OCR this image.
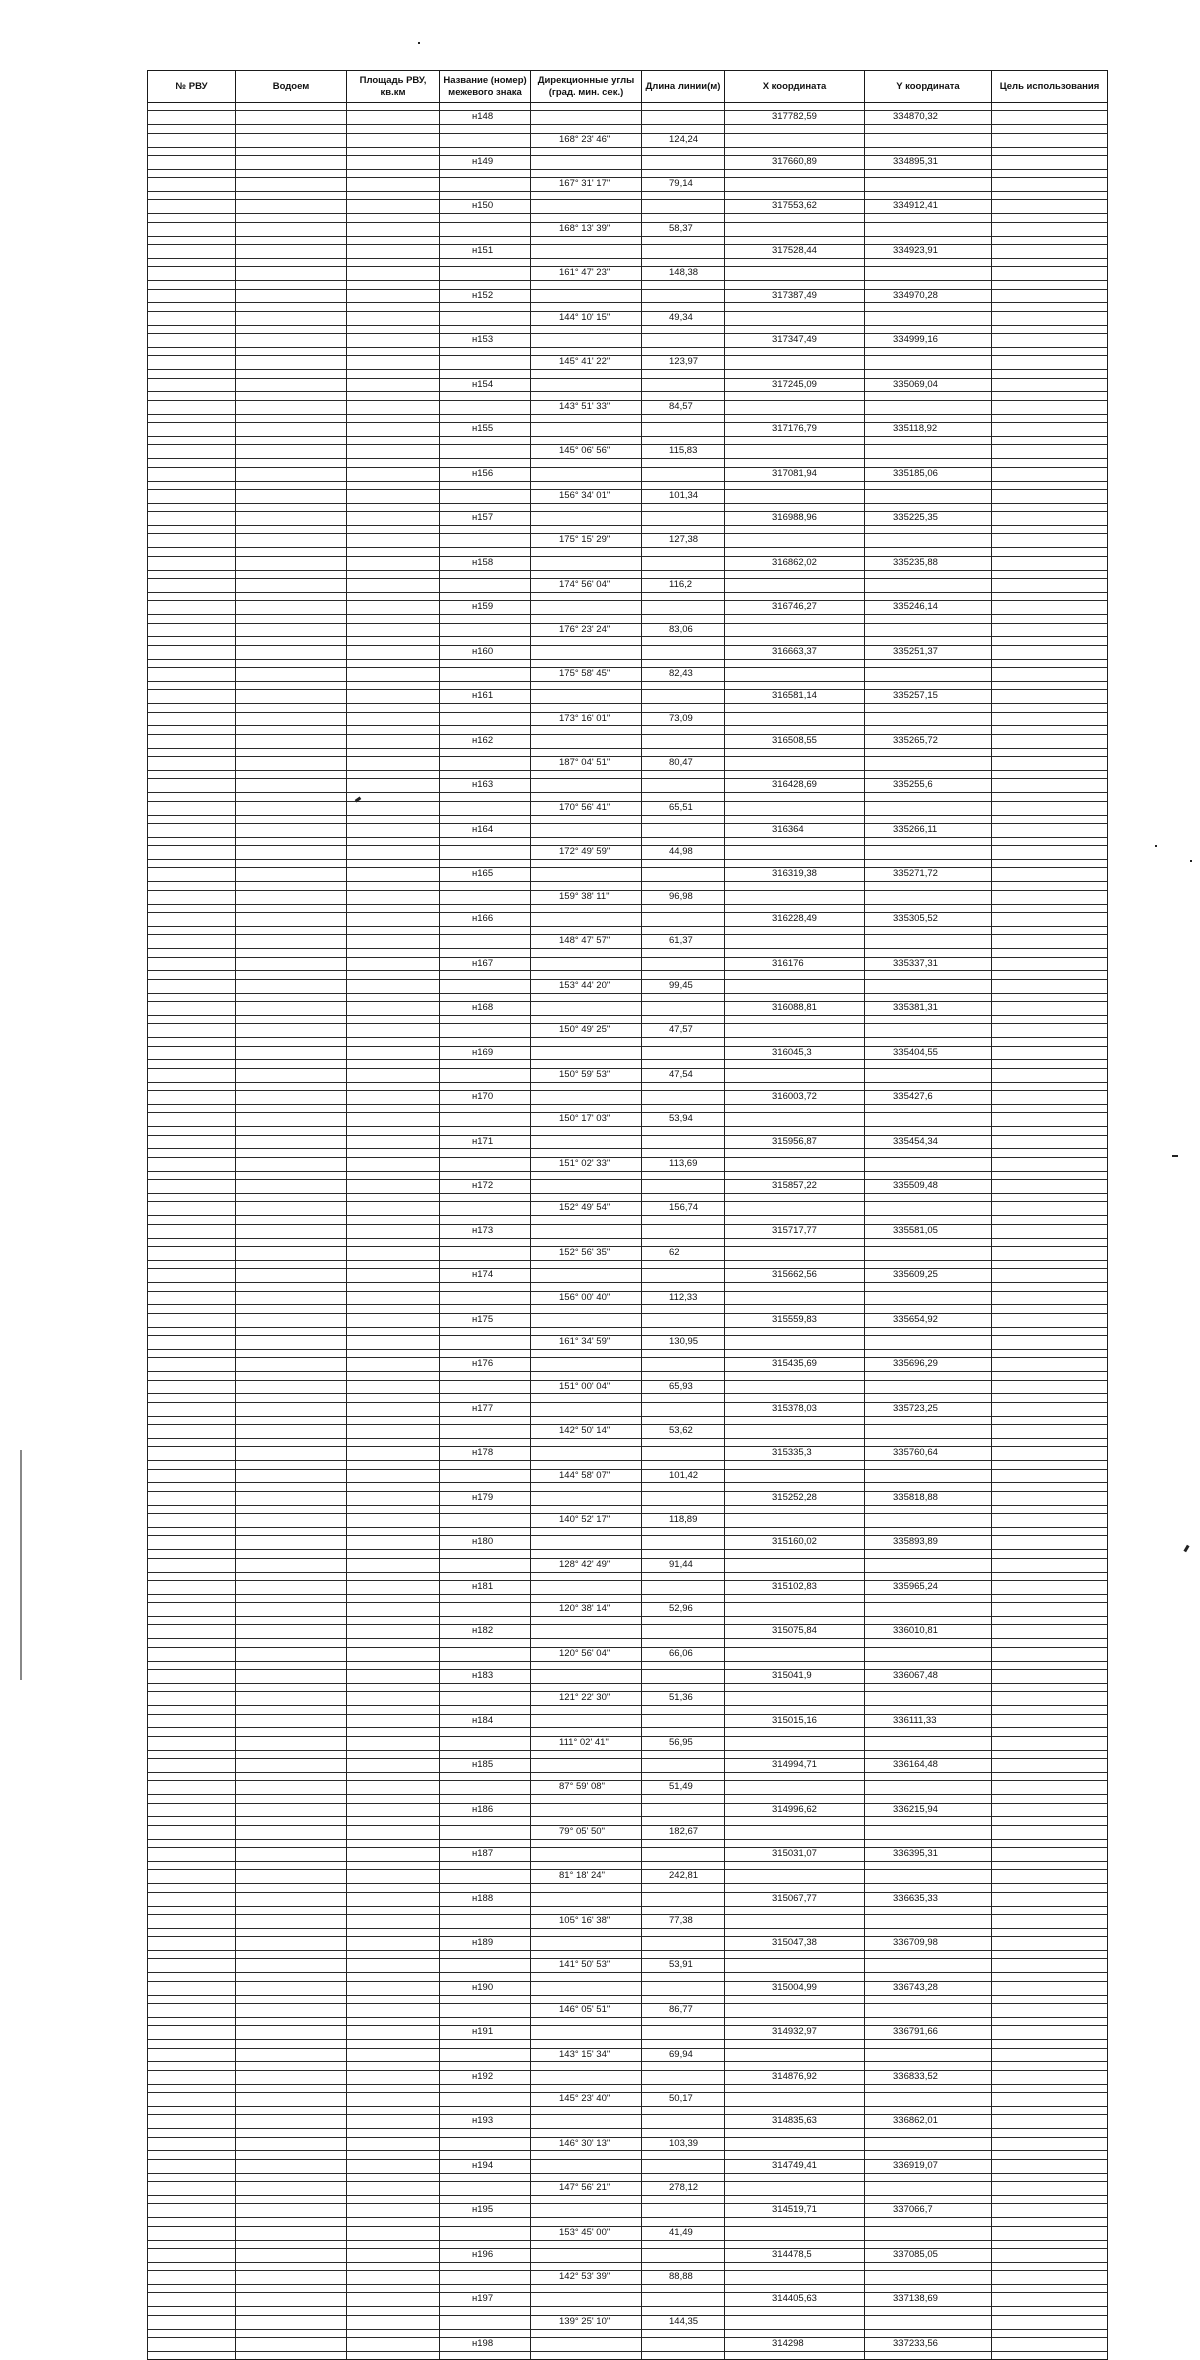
№ РВУ	Водоем	Площадь РВУ,
кв.км	Название (номер)
межевого знака	Дирекционные углы
(град. мин. сек.)	Длина линии(м)	X координата	Y координата	Цель использования

			н148			317782,59	334870,32	

				168° 23' 46"	124,24			

			н149			317660,89	334895,31	

				167° 31' 17"	79,14			

			н150			317553,62	334912,41	

				168° 13' 39"	58,37			

			н151			317528,44	334923,91	

				161° 47' 23"	148,38			

			н152			317387,49	334970,28	

				144° 10' 15"	49,34			

			н153			317347,49	334999,16	

				145° 41' 22"	123,97			

			н154			317245,09	335069,04	

				143° 51' 33"	84,57			

			н155			317176,79	335118,92	

				145° 06' 56"	115,83			

			н156			317081,94	335185,06	

				156° 34' 01"	101,34			

			н157			316988,96	335225,35	

				175° 15' 29"	127,38			

			н158			316862,02	335235,88	

				174° 56' 04"	116,2			

			н159			316746,27	335246,14	

				176° 23' 24"	83,06			

			н160			316663,37	335251,37	

				175° 58' 45"	82,43			

			н161			316581,14	335257,15	

				173° 16' 01"	73,09			

			н162			316508,55	335265,72	

				187° 04' 51"	80,47			

			н163			316428,69	335255,6	

				170° 56' 41"	65,51			

			н164			316364	335266,11	

				172° 49' 59"	44,98			

			н165			316319,38	335271,72	

				159° 38' 11"	96,98			

			н166			316228,49	335305,52	

				148° 47' 57"	61,37			

			н167			316176	335337,31	

				153° 44' 20"	99,45			

			н168			316088,81	335381,31	

				150° 49' 25"	47,57			

			н169			316045,3	335404,55	

				150° 59' 53"	47,54			

			н170			316003,72	335427,6	

				150° 17' 03"	53,94			

			н171			315956,87	335454,34	

				151° 02' 33"	113,69			

			н172			315857,22	335509,48	

				152° 49' 54"	156,74			

			н173			315717,77	335581,05	

				152° 56' 35"	62			

			н174			315662,56	335609,25	

				156° 00' 40"	112,33			

			н175			315559,83	335654,92	

				161° 34' 59"	130,95			

			н176			315435,69	335696,29	

				151° 00' 04"	65,93			

			н177			315378,03	335723,25	

				142° 50' 14"	53,62			

			н178			315335,3	335760,64	

				144° 58' 07"	101,42			

			н179			315252,28	335818,88	

				140° 52' 17"	118,89			

			н180			315160,02	335893,89	

				128° 42' 49"	91,44			

			н181			315102,83	335965,24	

				120° 38' 14"	52,96			

			н182			315075,84	336010,81	

				120° 56' 04"	66,06			

			н183			315041,9	336067,48	

				121° 22' 30"	51,36			

			н184			315015,16	336111,33	

				111° 02' 41"	56,95			

			н185			314994,71	336164,48	

				87° 59' 08"	51,49			

			н186			314996,62	336215,94	

				79° 05' 50"	182,67			

			н187			315031,07	336395,31	

				81° 18' 24"	242,81			

			н188			315067,77	336635,33	

				105° 16' 38"	77,38			

			н189			315047,38	336709,98	

				141° 50' 53"	53,91			

			н190			315004,99	336743,28	

				146° 05' 51"	86,77			

			н191			314932,97	336791,66	

				143° 15' 34"	69,94			

			н192			314876,92	336833,52	

				145° 23' 40"	50,17			

			н193			314835,63	336862,01	

				146° 30' 13"	103,39			

			н194			314749,41	336919,07	

				147° 56' 21"	278,12			

			н195			314519,71	337066,7	

				153° 45' 00"	41,49			

			н196			314478,5	337085,05	

				142° 53' 39"	88,88			

			н197			314405,63	337138,69	

				139° 25' 10"	144,35			

			н198			314298	337233,56	
